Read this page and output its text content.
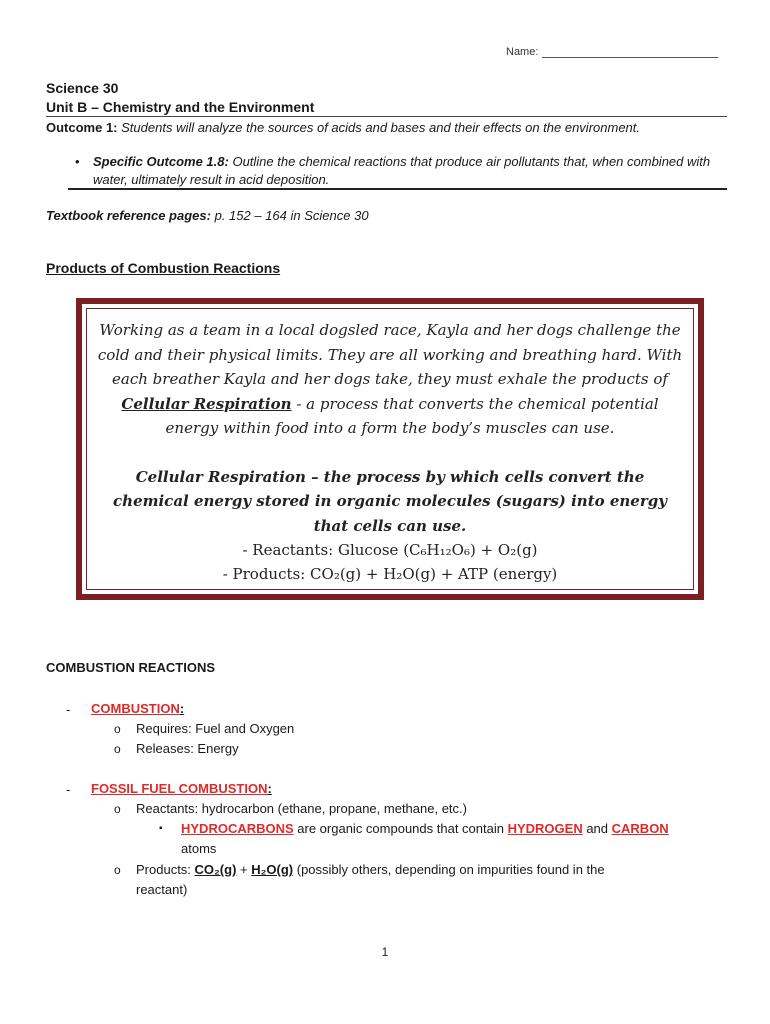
Name:
Science 30
Unit B – Chemistry and the Environment
Outcome 1: Students will analyze the sources of acids and bases and their effects on the environment.
•	Specific Outcome 1.8: Outline the chemical reactions that produce air pollutants that, when combined with water, ultimately result in acid deposition.
Textbook reference pages: p. 152 – 164 in Science 30
Products of Combustion Reactions
Working as a team in a local dogsled race, Kayla and her dogs challenge the cold and their physical limits. They are all working and breathing hard. With each breather Kayla and her dogs take, they must exhale the products of Cellular Respiration - a process that converts the chemical potential energy within food into a form the body’s muscles can use.
Cellular Respiration – the process by which cells convert the chemical energy stored in organic molecules (sugars) into energy that cells can use.
- Reactants: Glucose (C₆H₁₂O₆) + O₂(g)
- Products: CO₂(g) + H₂O(g) + ATP (energy)
COMBUSTION REACTIONS
- COMBUSTION:
o Requires: Fuel and Oxygen
o Releases: Energy
- FOSSIL FUEL COMBUSTION:
o Reactants: hydrocarbon (ethane, propane, methane, etc.)
▪ HYDROCARBONS are organic compounds that contain HYDROGEN and CARBON
atoms
o Products: CO₂(g) + H₂O(g) (possibly others, depending on impurities found in the
reactant)
1
